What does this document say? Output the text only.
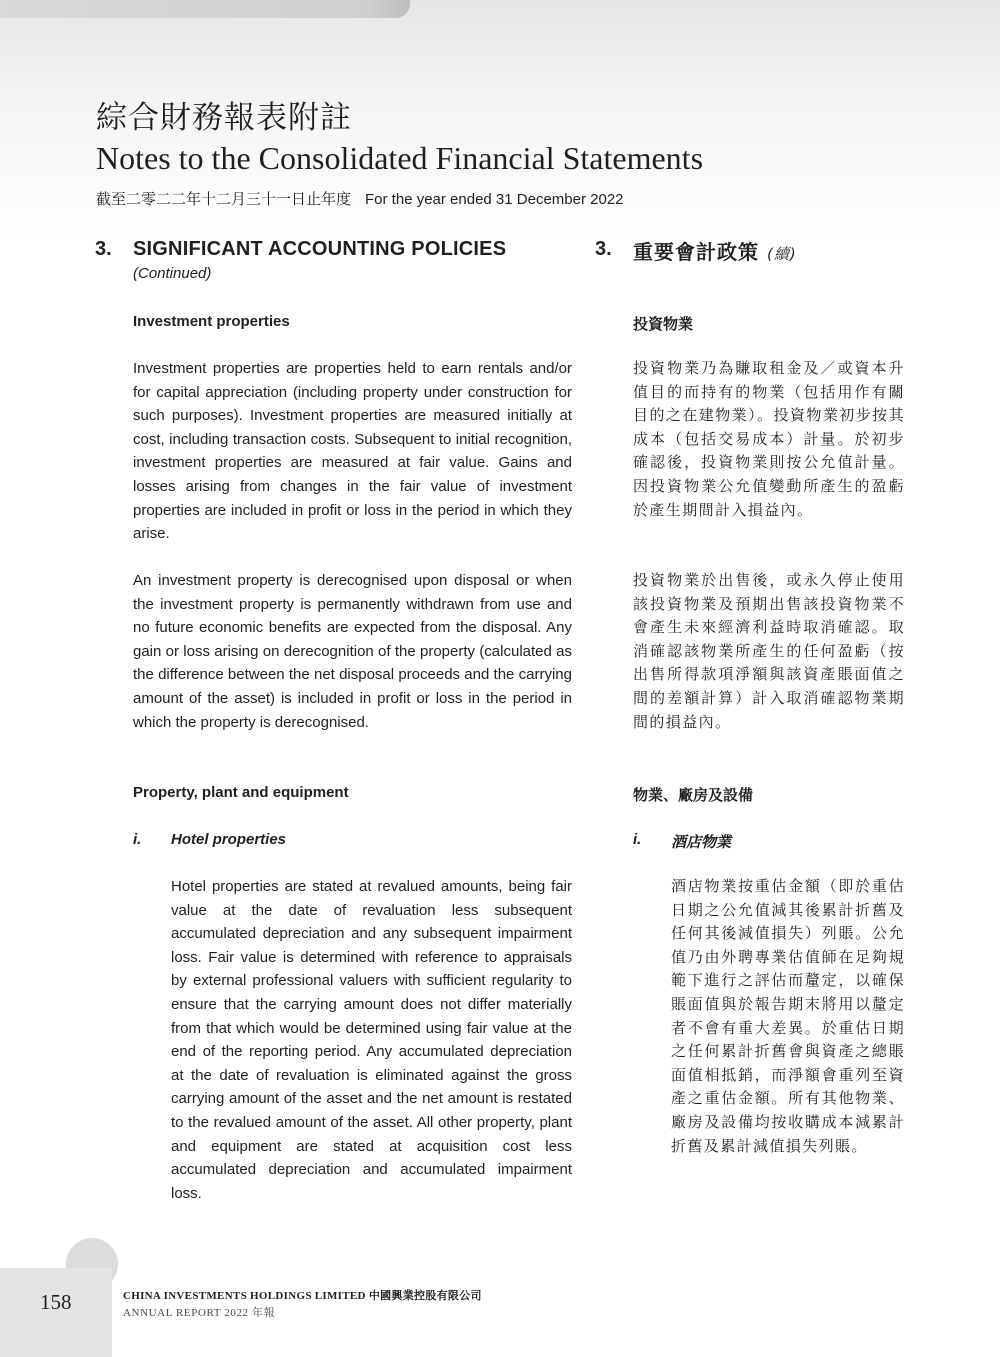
綜合財務報表附註
Notes to the Consolidated Financial Statements
截至二零二二年十二月三十一日止年度 For the year ended 31 December 2022
3. SIGNIFICANT ACCOUNTING POLICIES
(Continued)
Investment properties

Investment properties are properties held to earn rentals and/or for capital appreciation (including property under construction for such purposes). Investment properties are measured initially at cost, including transaction costs. Subsequent to initial recognition, investment properties are measured at fair value. Gains and losses arising from changes in the fair value of investment properties are included in profit or loss in the period in which they arise.

An investment property is derecognised upon disposal or when the investment property is permanently withdrawn from use and no future economic benefits are expected from the disposal. Any gain or loss arising on derecognition of the property (calculated as the difference between the net disposal proceeds and the carrying amount of the asset) is included in profit or loss in the period in which the property is derecognised.

Property, plant and equipment
i. Hotel properties

Hotel properties are stated at revalued amounts, being fair value at the date of revaluation less subsequent accumulated depreciation and any subsequent impairment loss. Fair value is determined with reference to appraisals by external professional valuers with sufficient regularity to ensure that the carrying amount does not differ materially from that which would be determined using fair value at the end of the reporting period. Any accumulated depreciation at the date of revaluation is eliminated against the gross carrying amount of the asset and the net amount is restated to the revalued amount of the asset. All other property, plant and equipment are stated at acquisition cost less accumulated depreciation and accumulated impairment loss.

3. 重要會計政策 (續)
投資物業

投資物業乃為賺取租金及／或資本升值目的而持有的物業（包括用作有關目的之在建物業）。投資物業初步按其成本（包括交易成本）計量。於初步確認後，投資物業則按公允值計量。因投資物業公允值變動所產生的盈虧於產生期間計入損益內。

投資物業於出售後，或永久停止使用該投資物業及預期出售該投資物業不會產生未來經濟利益時取消確認。取消確認該物業所產生的任何盈虧（按出售所得款項淨額與該資產賬面值之間的差額計算）計入取消確認物業期間的損益內。

物業、廠房及設備
i. 酒店物業

酒店物業按重估金額（即於重估日期之公允值減其後累計折舊及任何其後減值損失）列賬。公允值乃由外聘專業估值師在足夠規範下進行之評估而釐定，以確保賬面值與於報告期末將用以釐定者不會有重大差異。於重估日期之任何累計折舊會與資產之總賬面值相抵銷，而淨額會重列至資產之重估金額。所有其他物業、廠房及設備均按收購成本減累計折舊及累計減值損失列賬。

158	CHINA INVESTMENTS HOLDINGS LIMITED 中國興業控股有限公司
ANNUAL REPORT 2022 年報
